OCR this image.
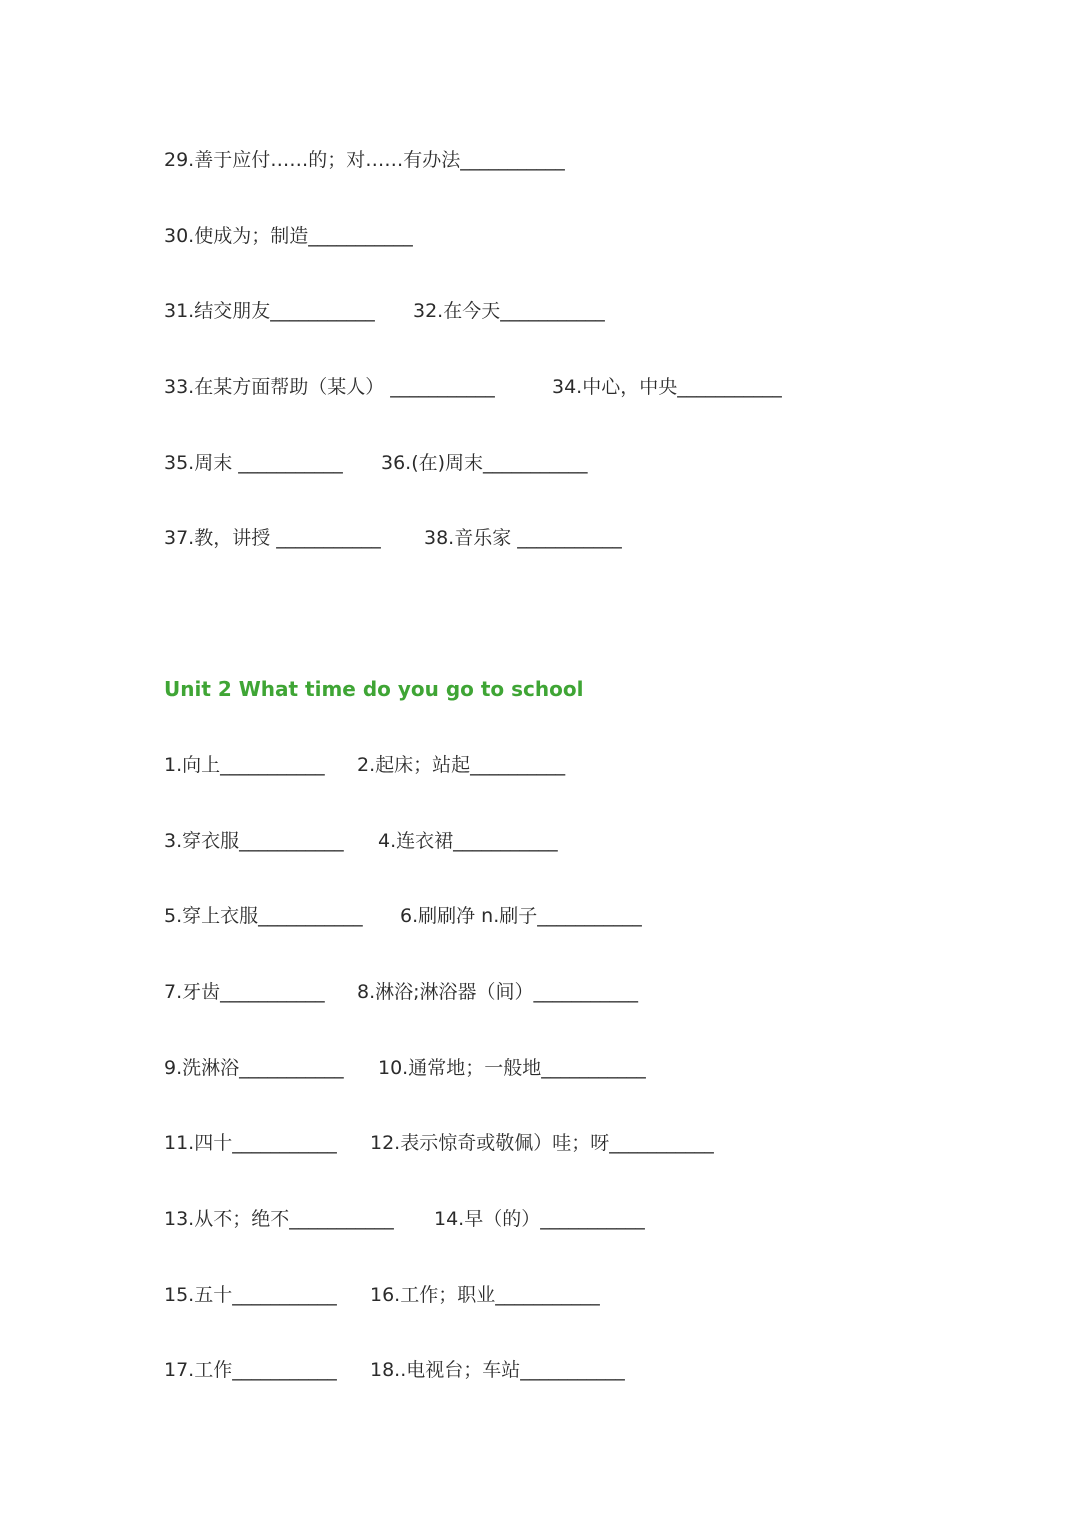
29.善于应付……的；对……有办法___________

30.使成为；制造___________

31.结交朋友___________

32.在今天___________

33.在某方面帮助（某人） ___________

	34.中心，中央___________

35.周末 ___________

36.(在)周末___________

37.教，讲授 ___________

38.音乐家 ___________

Unit 2 What time do you go to school

1.向上___________

2.起床；站起__________

3.穿衣服___________

4.连衣裙___________

5.穿上衣服___________

6.刷刷净 n.刷子___________

7.牙齿___________

8.淋浴;淋浴器（间）___________

9.洗淋浴___________

10.通常地；一般地___________

11.四十___________

12.表示惊奇或敬佩）哇；呀___________

13.从不；绝不___________

14.早（的）___________

15.五十___________

16.工作；职业___________

17.工作___________

18..电视台；车站___________
